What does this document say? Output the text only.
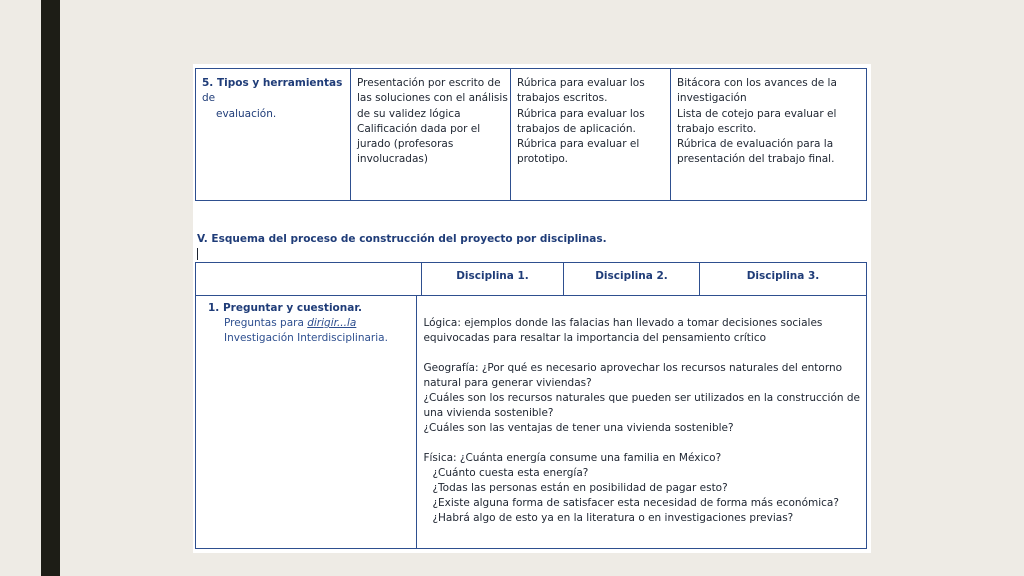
5. Tipos y herramientas de
evaluación.
Presentación por escrito de
las soluciones con el análisis
de su validez lógica
Calificación dada por el
jurado (profesoras
involucradas)
Rúbrica para evaluar los
trabajos escritos.
Rúbrica para evaluar los
trabajos de aplicación.
Rúbrica para evaluar el
prototipo.
Bitácora con los avances de la
investigación
Lista de cotejo para evaluar el
trabajo escrito.
Rúbrica de evaluación para la
presentación del trabajo final.
V. Esquema del proceso de construcción del proyecto por disciplinas.
Disciplina 1.	Disciplina 2.	Disciplina 3.
1. Preguntar y cuestionar.
Preguntas para dirigir...la
Investigación Interdisciplinaria.
Lógica: ejemplos donde las falacias han llevado a tomar decisiones sociales
equivocadas para resaltar la importancia del pensamiento crítico
Geografía: ¿Por qué es necesario aprovechar los recursos naturales del entorno
natural para generar viviendas?
¿Cuáles son los recursos naturales que pueden ser utilizados en la construcción de
una vivienda sostenible?
¿Cuáles son las ventajas de tener una vivienda sostenible?
Física: ¿Cuánta energía consume una familia en México?
¿Cuánto cuesta esta energía?
¿Todas las personas están en posibilidad de pagar esto?
¿Existe alguna forma de satisfacer esta necesidad de forma más económica?
¿Habrá algo de esto ya en la literatura o en investigaciones previas?
